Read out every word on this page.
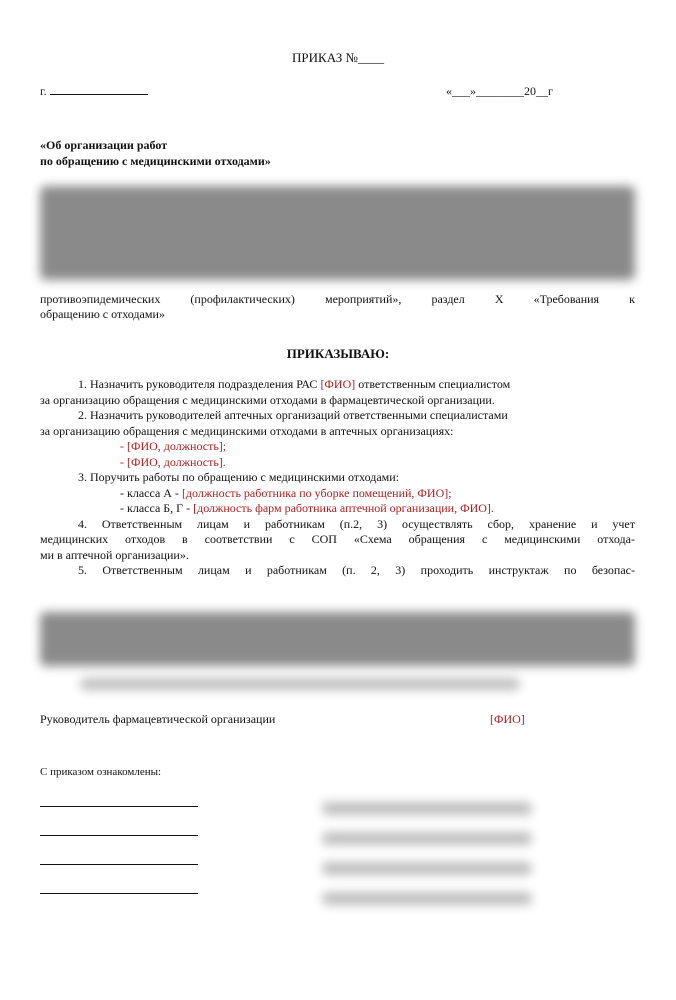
ПРИКАЗ №____
г.	«___»________20__г
«Об организации работ
по обращению с медицинскими отходами»
противоэпидемических (профилактических) мероприятий», раздел X «Требования к
обращению с отходами»
ПРИКАЗЫВАЮ:
1. Назначить руководителя подразделения РАС [ФИО] ответственным специалистом
за организацию обращения с медицинскими отходами в фармацевтической организации.
2. Назначить руководителей аптечных организаций ответственными специалистами
за организацию обращения с медицинскими отходами в аптечных организациях:
- [ФИО, должность];
- [ФИО, должность].
3. Поручить работы по обращению с медицинскими отходами:
- класса А - [должность работника по уборке помещений, ФИО];
- класса Б, Г - [должность фарм работника аптечной организации, ФИО].
4. Ответственным лицам и работникам (п.2, 3) осуществлять сбор, хранение и учет
медицинских отходов в соответствии с СОП «Схема обращения с медицинскими отхода-
ми в аптечной организации».
5. Ответственным лицам и работникам (п. 2, 3) проходить инструктаж по безопас-
Руководитель фармацевтической организации	[ФИО]
С приказом ознакомлены:
